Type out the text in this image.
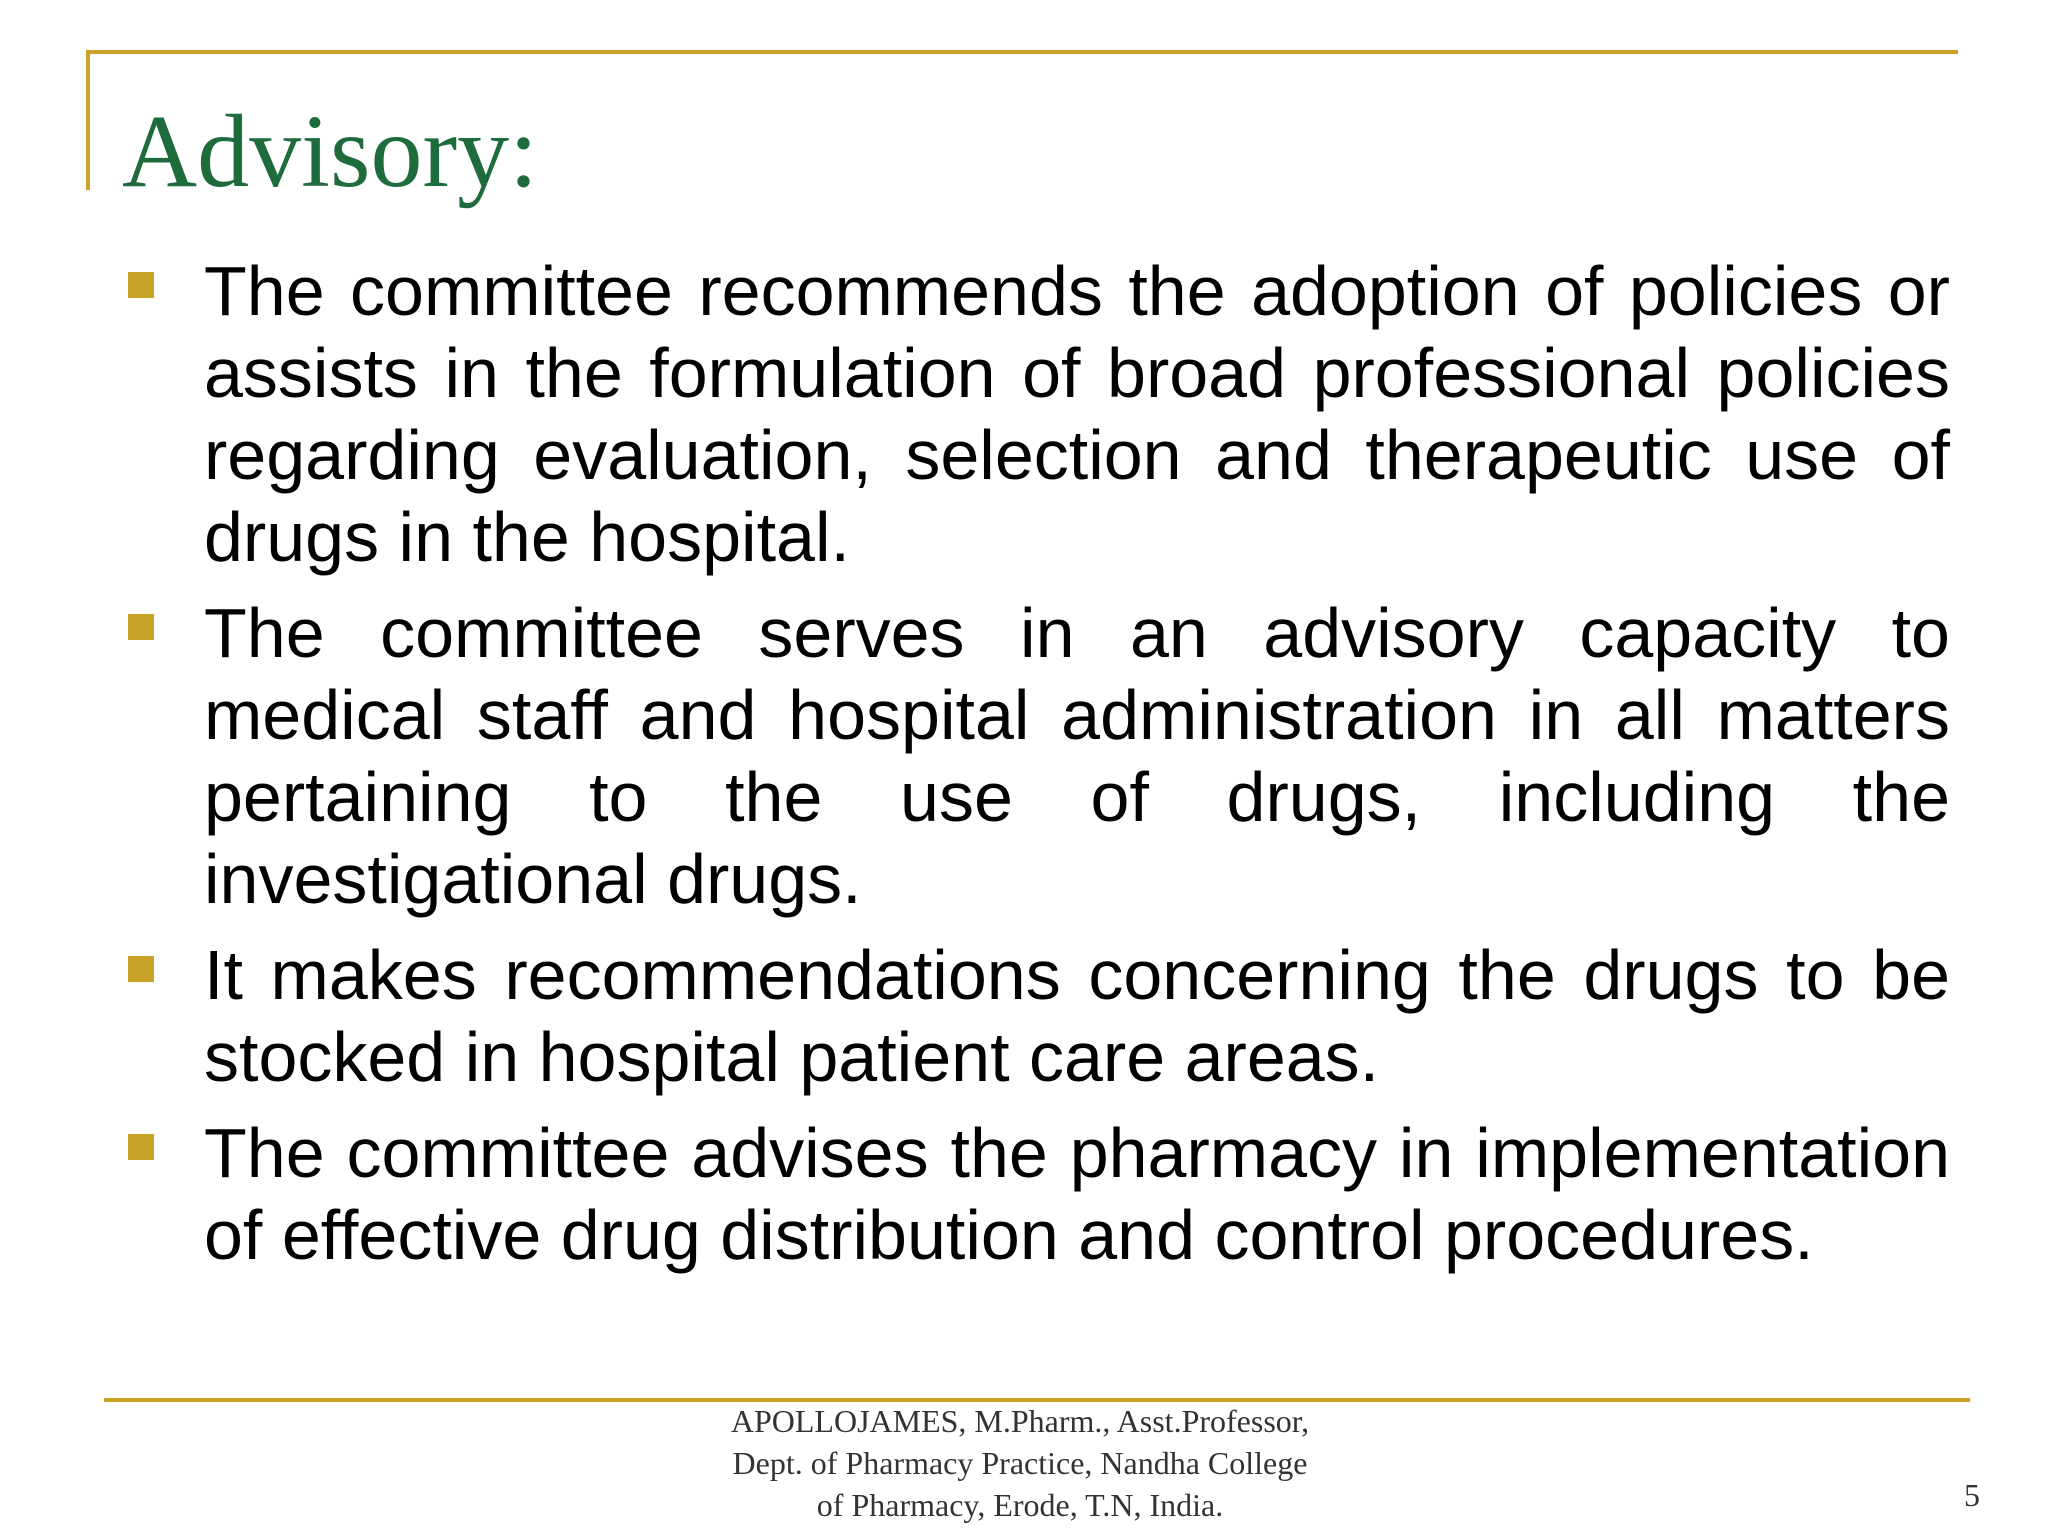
Advisory:
The committee recommends the adoption of policies or assists in the formulation of broad professional policies regarding evaluation, selection and therapeutic use of drugs in the hospital.
The committee serves in an advisory capacity to medical staff and hospital administration in all matters pertaining to the use of drugs, including the investigational drugs.
It makes recommendations concerning the drugs to be stocked in hospital patient care areas.
The committee advises the pharmacy in implementation of effective drug distribution and control procedures.
APOLLOJAMES, M.Pharm., Asst.Professor,
Dept. of Pharmacy Practice, Nandha College
of Pharmacy, Erode, T.N, India.	5
